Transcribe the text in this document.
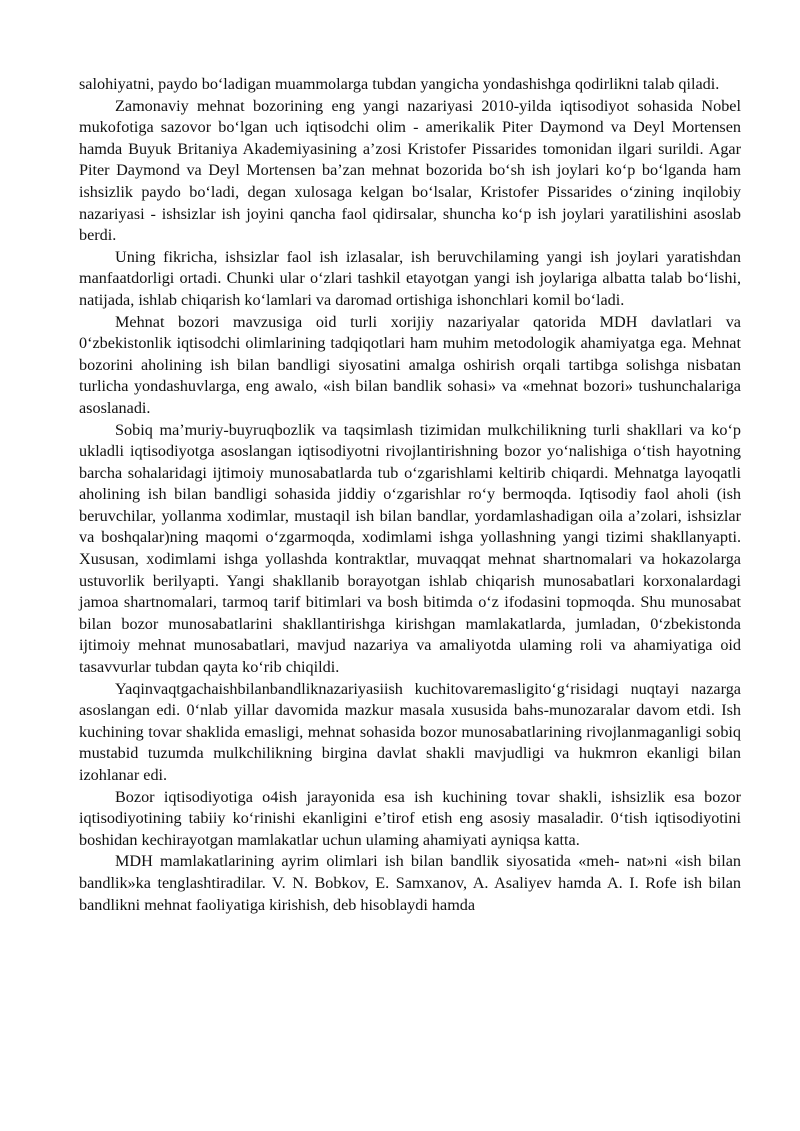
salohiyatni, paydo boʻladigan muammolarga tubdan yangicha yondashishga qodirlikni talab qiladi.

Zamonaviy mehnat bozorining eng yangi nazariyasi 2010-yilda iqtisodiyot sohasida Nobel mukofotiga sazovor boʻlgan uch iqtisodchi olim - amerikalik Piter Daymond va Deyl Mortensen hamda Buyuk Britaniya Akademiyasining a’zosi Kristofer Pissarides tomonidan ilgari surildi. Agar Piter Daymond va Deyl Mortensen ba’zan mehnat bozorida boʻsh ish joylari koʻp boʻlganda ham ishsizlik paydo boʻladi, degan xulosaga kelgan boʻlsalar, Kristofer Pissarides oʻzining inqilobiy nazariyasi - ishsizlar ish joyini qancha faol qidirsalar, shuncha koʻp ish joylari yaratilishini asoslab berdi.

Uning fikricha, ishsizlar faol ish izlasalar, ish beruvchilaming yangi ish joylari yaratishdan manfaatdorligi ortadi. Chunki ular oʻzlari tashkil etayotgan yangi ish joylariga albatta talab boʻlishi, natijada, ishlab chiqarish koʻlamlari va daromad ortishiga ishonchlari komil boʻladi.

Mehnat bozori mavzusiga oid turli xorijiy nazariyalar qatorida MDH davlatlari va 0ʻzbekistonlik iqtisodchi olimlarining tadqiqotlari ham muhim metodologik ahamiyatga ega. Mehnat bozorini aholining ish bilan bandligi siyosatini amalga oshirish orqali tartibga solishga nisbatan turlicha yondashuvlarga, eng awalo, «ish bilan bandlik sohasi» va «mehnat bozori» tushunchalariga asoslanadi.

Sobiq ma’muriy-buyruqbozlik va taqsimlash tizimidan mulkchilikning turli shakllari va koʻp ukladli iqtisodiyotga asoslangan iqtisodiyotni rivojlantirishning bozor yoʻnalishiga oʻtish hayotning barcha sohalaridagi ijtimoiy munosabatlarda tub oʻzgarishlami keltirib chiqardi. Mehnatga layoqatli aholining ish bilan bandligi sohasida jiddiy oʻzgarishlar roʻy bermoqda. Iqtisodiy faol aholi (ish beruvchilar, yollanma xodimlar, mustaqil ish bilan bandlar, yordamlashadigan oila a’zolari, ishsizlar va boshqalar)ning maqomi oʻzgarmoqda, xodimlami ishga yollashning yangi tizimi shakllanyapti. Xususan, xodimlami ishga yollashda kontraktlar, muvaqqat mehnat shartnomalari va hokazolarga ustuvorlik berilyapti. Yangi shakllanib borayotgan ishlab chiqarish munosabatlari korxonalardagi jamoa shartnomalari, tarmoq tarif bitimlari va bosh bitimda oʻz ifodasini topmoqda. Shu munosabat bilan bozor munosabatlarini shakllantirishga kirishgan mamlakatlarda, jumladan, 0ʻzbekistonda ijtimoiy mehnat munosabatlari, mavjud nazariya va amaliyotda ulaming roli va ahamiyatiga oid tasavvurlar tubdan qayta koʻrib chiqildi.

Yaqinvaqtgachaishbilanbandliknazariyasiish kuchitovaremasligitoʻgʻrisidagi nuqtayi nazarga asoslangan edi. 0ʻnlab yillar davomida mazkur masala xususida bahs-munozaralar davom etdi. Ish kuchining tovar shaklida emasligi, mehnat sohasida bozor munosabatlarining rivojlanmaganligi sobiq mustabid tuzumda mulkchilikning birgina davlat shakli mavjudligi va hukmron ekanligi bilan izohlanar edi.

Bozor iqtisodiyotiga o4ish jarayonida esa ish kuchining tovar shakli, ishsizlik esa bozor iqtisodiyotining tabiiy koʻrinishi ekanligini e’tirof etish eng asosiy masaladir. 0ʻtish iqtisodiyotini boshidan kechirayotgan mamlakatlar uchun ulaming ahamiyati ayniqsa katta.

MDH mamlakatlarining ayrim olimlari ish bilan bandlik siyosatida «meh- nat»ni «ish bilan bandlik»ka tenglashtiradilar. V. N. Bobkov, E. Samxanov, A. Asaliyev hamda A. I. Rofe ish bilan bandlikni mehnat faoliyatiga kirishish, deb hisoblaydi hamda
